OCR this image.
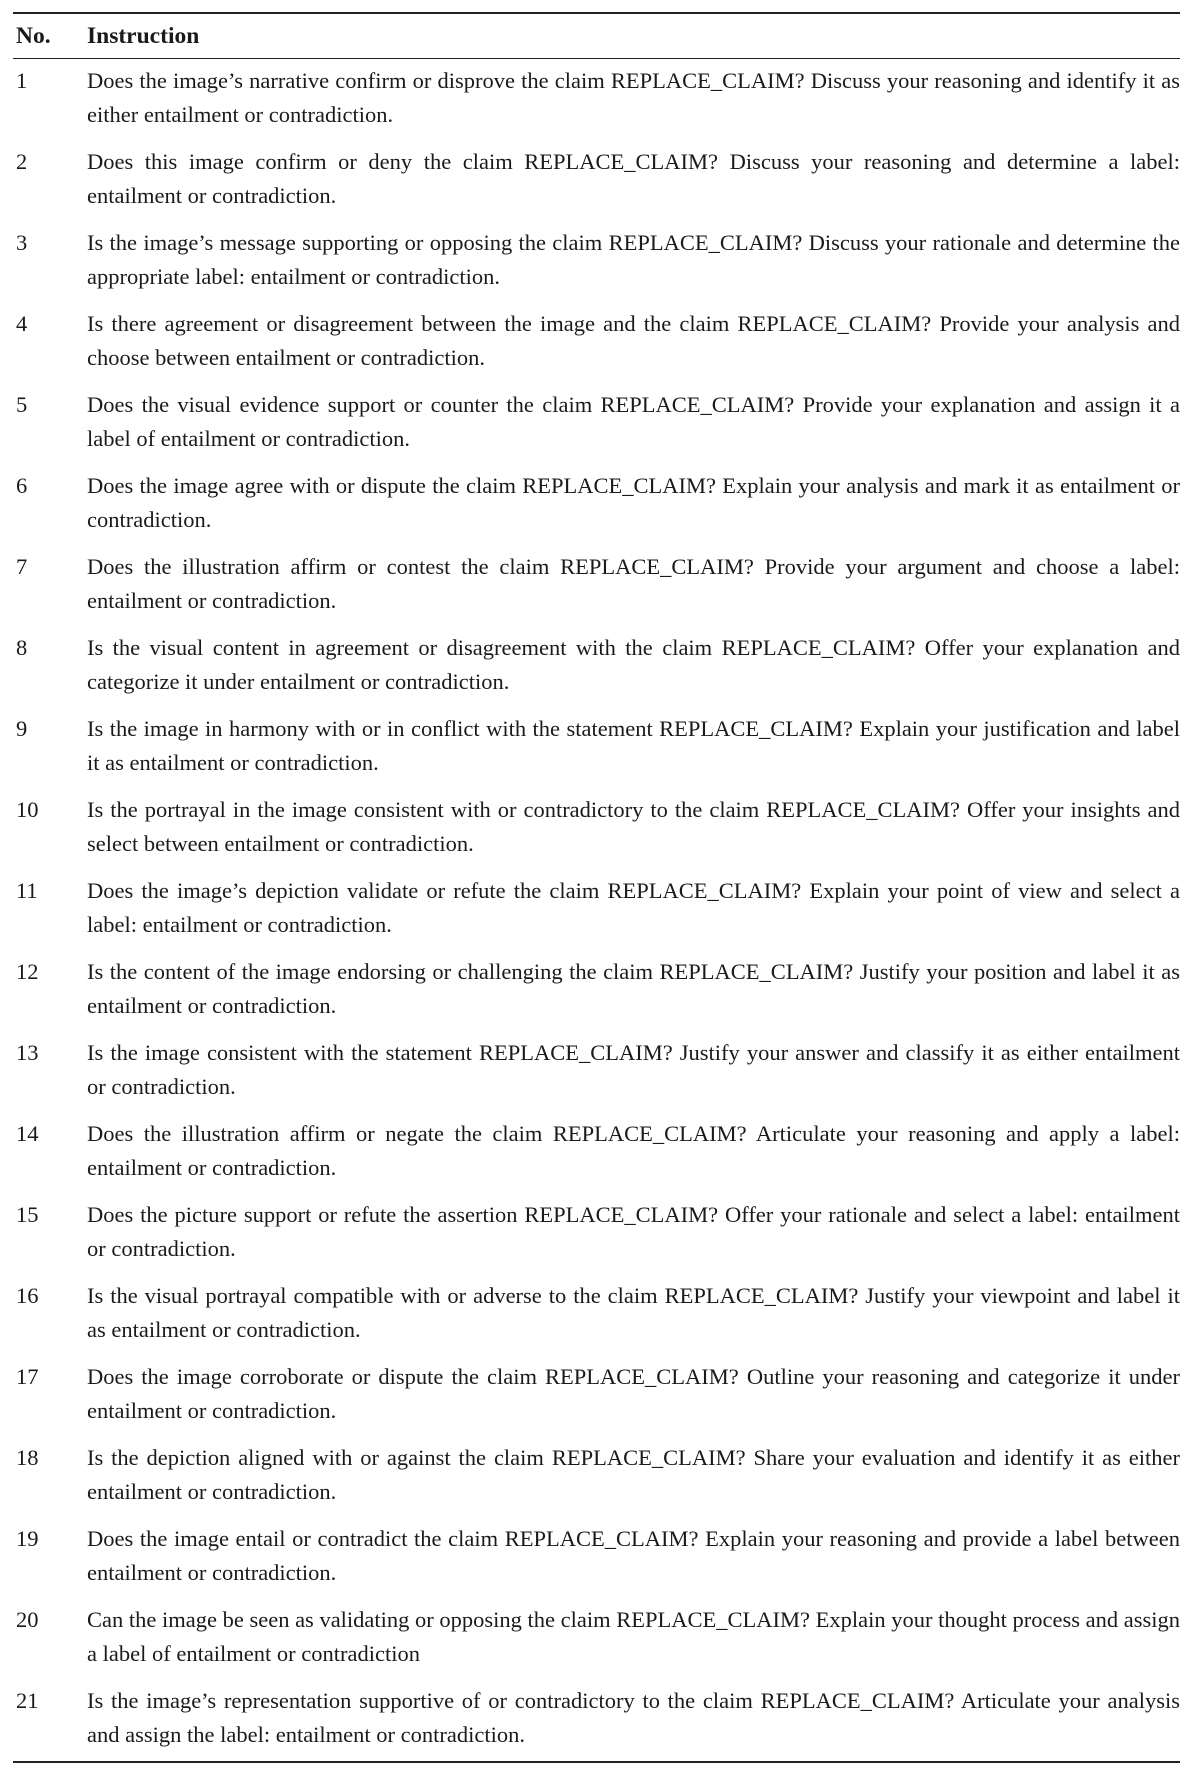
No.	Instruction
1	Does the image’s narrative confirm or disprove the claim REPLACE_CLAIM? Discuss your reasoning and identify it as either entailment or contradiction.
2	Does this image confirm or deny the claim REPLACE_CLAIM? Discuss your reasoning and determine a label: entailment or contradiction.
3	Is the image’s message supporting or opposing the claim REPLACE_CLAIM? Discuss your rationale and determine the appropriate label: entailment or contradiction.
4	Is there agreement or disagreement between the image and the claim REPLACE_CLAIM? Provide your analysis and choose between entailment or contradiction.
5	Does the visual evidence support or counter the claim REPLACE_CLAIM? Provide your explanation and assign it a label of entailment or contradiction.
6	Does the image agree with or dispute the claim REPLACE_CLAIM? Explain your analysis and mark it as entailment or contradiction.
7	Does the illustration affirm or contest the claim REPLACE_CLAIM? Provide your argument and choose a label: entailment or contradiction.
8	Is the visual content in agreement or disagreement with the claim REPLACE_CLAIM? Offer your explanation and categorize it under entailment or contradiction.
9	Is the image in harmony with or in conflict with the statement REPLACE_CLAIM? Explain your justification and label it as entailment or contradiction.
10	Is the portrayal in the image consistent with or contradictory to the claim REPLACE_CLAIM? Offer your insights and select between entailment or contradiction.
11	Does the image’s depiction validate or refute the claim REPLACE_CLAIM? Explain your point of view and select a label: entailment or contradiction.
12	Is the content of the image endorsing or challenging the claim REPLACE_CLAIM? Justify your position and label it as entailment or contradiction.
13	Is the image consistent with the statement REPLACE_CLAIM? Justify your answer and classify it as either entailment or contradiction.
14	Does the illustration affirm or negate the claim REPLACE_CLAIM? Articulate your reasoning and apply a label: entailment or contradiction.
15	Does the picture support or refute the assertion REPLACE_CLAIM? Offer your rationale and select a label: entailment or contradiction.
16	Is the visual portrayal compatible with or adverse to the claim REPLACE_CLAIM? Justify your viewpoint and label it as entailment or contradiction.
17	Does the image corroborate or dispute the claim REPLACE_CLAIM? Outline your reasoning and categorize it under entailment or contradiction.
18	Is the depiction aligned with or against the claim REPLACE_CLAIM? Share your evaluation and identify it as either entailment or contradiction.
19	Does the image entail or contradict the claim REPLACE_CLAIM? Explain your reasoning and provide a label between entailment or contradiction.
20	Can the image be seen as validating or opposing the claim REPLACE_CLAIM? Explain your thought process and assign a label of entailment or contradiction
21	Is the image’s representation supportive of or contradictory to the claim REPLACE_CLAIM? Articulate your analysis and assign the label: entailment or contradiction.
